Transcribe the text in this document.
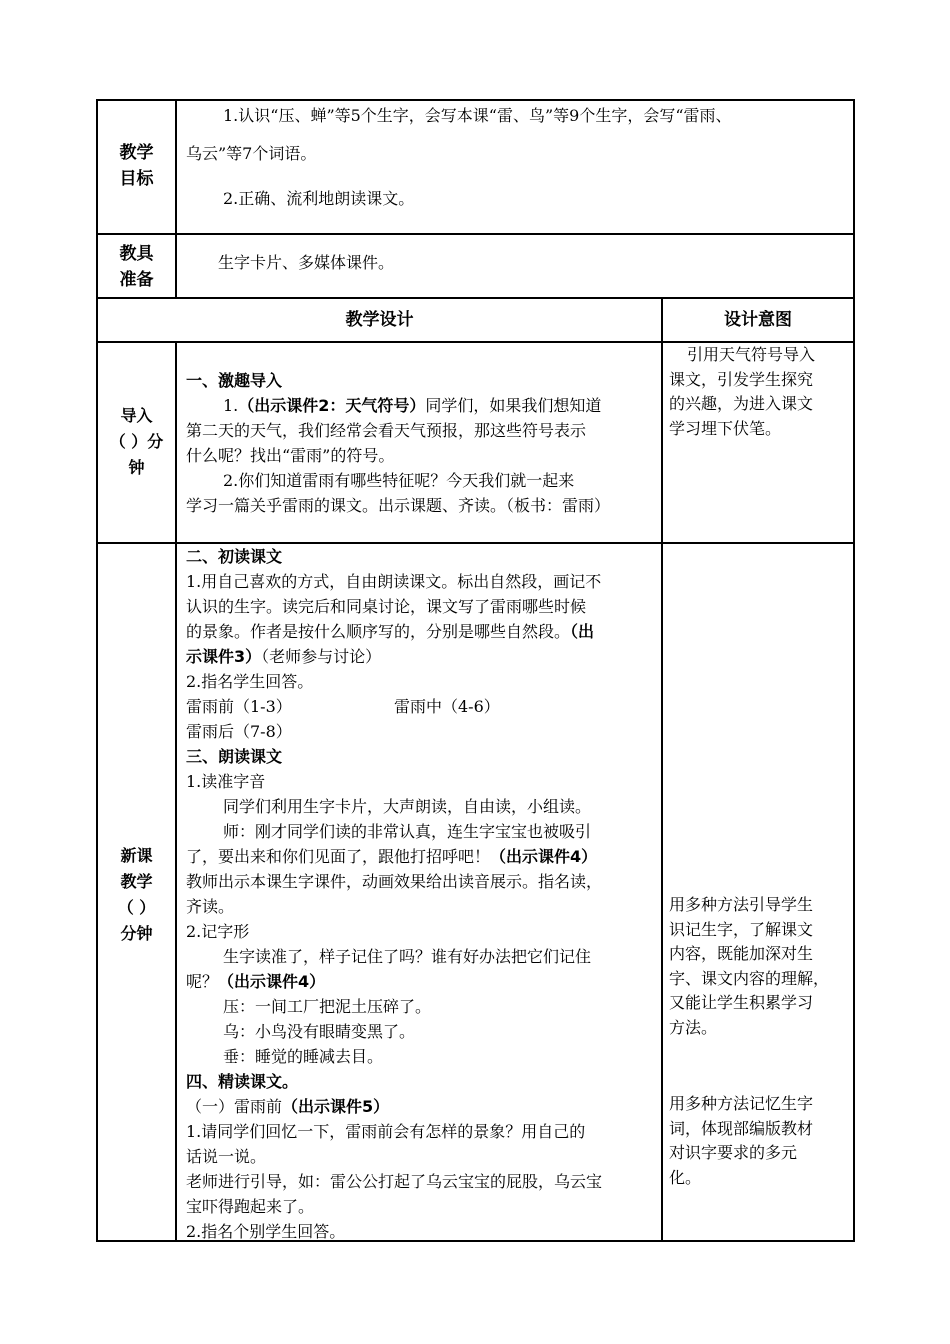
教学
目标
1.认识“压、蝉”等5个生字，会写本课“雷、鸟”等9个生字，会写“雷雨、
乌云”等7个词语。
2.正确、流利地朗读课文。
教具
准备
生字卡片、多媒体课件。
教学设计	设计意图
导入
（ ）分
钟
一、激趣导入
1.（出示课件2：天气符号）同学们，如果我们想知道
第二天的天气，我们经常会看天气预报，那这些符号表示
什么呢？找出“雷雨”的符号。
2.你们知道雷雨有哪些特征呢？今天我们就一起来
学习一篇关乎雷雨的课文。出示课题、齐读。（板书：雷雨）
引用天气符号导入
课文，引发学生探究
的兴趣，为进入课文
学习埋下伏笔。
新课
教学
（ ）
分钟
二、初读课文
1.用自己喜欢的方式，自由朗读课文。标出自然段，画记不
认识的生字。读完后和同桌讨论，课文写了雷雨哪些时候
的景象。作者是按什么顺序写的，分别是哪些自然段。（出
示课件3）（老师参与讨论）
2.指名学生回答。
雷雨前（1-3）	雷雨中（4-6）
雷雨后（7-8）
三、朗读课文
1.读准字音
同学们利用生字卡片，大声朗读，自由读，小组读。
师：刚才同学们读的非常认真，连生字宝宝也被吸引
了，要出来和你们见面了，跟他打招呼吧！（出示课件4）
教师出示本课生字课件，动画效果给出读音展示。指名读，
齐读。
2.记字形
生字读准了，样子记住了吗？谁有好办法把它们记住
呢？（出示课件4）
压：一间工厂把泥土压碎了。
乌：小鸟没有眼睛变黑了。
垂：睡觉的睡减去目。
四、精读课文。
（一）雷雨前（出示课件5）
1.请同学们回忆一下，雷雨前会有怎样的景象？用自己的
话说一说。
老师进行引导，如：雷公公打起了乌云宝宝的屁股，乌云宝
宝吓得跑起来了。
2.指名个别学生回答。
用多种方法引导学生
识记生字，了解课文
内容，既能加深对生
字、课文内容的理解，
又能让学生积累学习
方法。
用多种方法记忆生字
词，体现部编版教材
对识字要求的多元
化。
